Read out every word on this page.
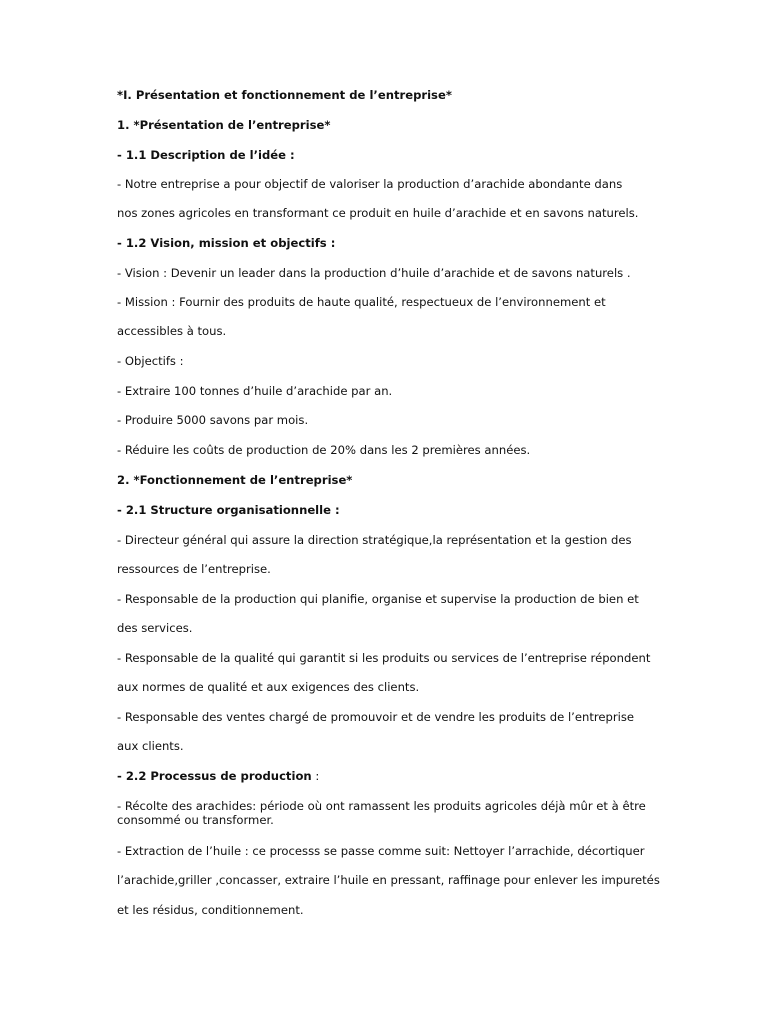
*I. Présentation et fonctionnement de l’entreprise*
1. *Présentation de l’entreprise*
- 1.1 Description de l’idée :
- Notre entreprise a pour objectif de valoriser la production d’arachide abondante dans
nos zones agricoles en transformant ce produit en huile d’arachide et en savons naturels.
- 1.2 Vision, mission et objectifs :
- Vision : Devenir un leader dans la production d’huile d’arachide et de savons naturels .
- Mission : Fournir des produits de haute qualité, respectueux de l’environnement et
accessibles à tous.
- Objectifs :
- Extraire 100 tonnes d’huile d’arachide par an.
- Produire 5000 savons par mois.
- Réduire les coûts de production de 20% dans les 2 premières années.
2. *Fonctionnement de l’entreprise*
- 2.1 Structure organisationnelle :
- Directeur général qui assure la direction stratégique,la représentation et la gestion des
ressources de l’entreprise.
- Responsable de la production qui planifie, organise et supervise la production de bien et
des services.
- Responsable de la qualité qui garantit si les produits ou services de l’entreprise répondent
aux normes de qualité et aux exigences des clients.
- Responsable des ventes chargé de promouvoir et de vendre les produits de l’entreprise
aux clients.
- 2.2 Processus de production :
- Récolte des arachides: période où ont ramassent les produits agricoles déjà mûr et à être consommé ou transformer.
- Extraction de l’huile : ce processs se passe comme suit: Nettoyer l’arrachide, décortiquer
l’arachide,griller ,concasser, extraire l’huile en pressant, raffinage pour enlever les impuretés
et les résidus, conditionnement.
